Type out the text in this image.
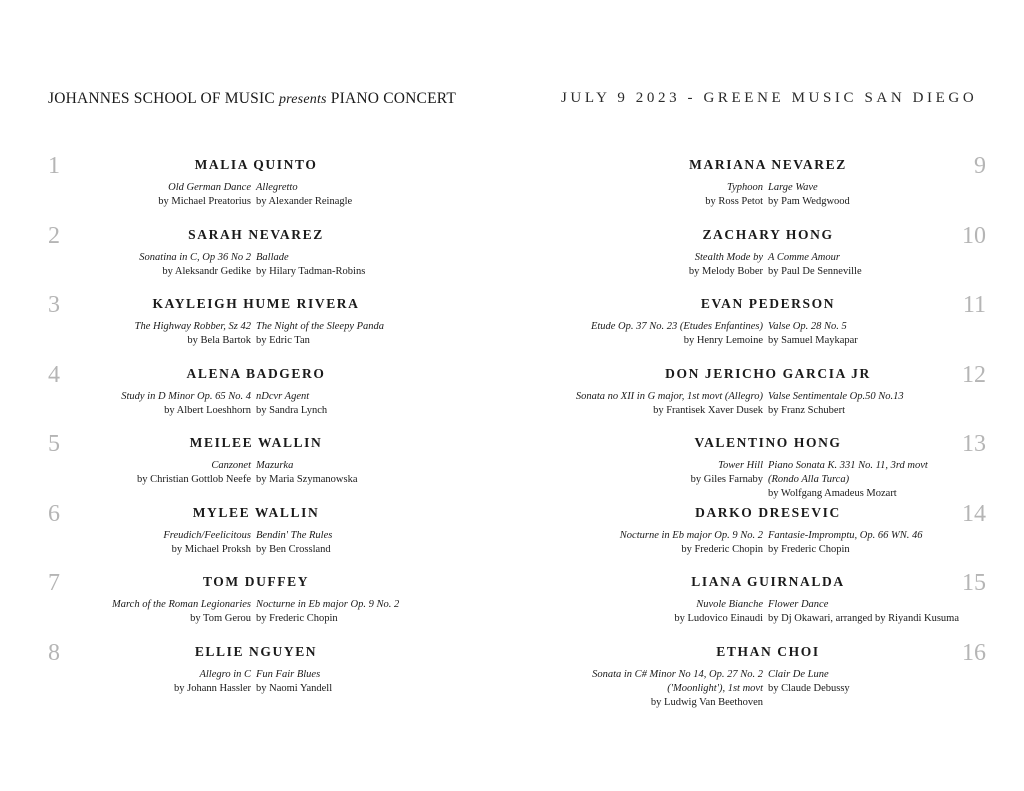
JOHANNES SCHOOL OF MUSIC presents PIANO CONCERT	JULY 9 2023 - GREENE MUSIC SAN DIEGO
1	MALIA QUINTO
Old German Dance
by Michael Preatorius
Allegretto
by Alexander Reinagle
2	SARAH NEVAREZ
Sonatina in C, Op 36 No 2
by Aleksandr Gedike
Ballade
by Hilary Tadman-Robins
3	KAYLEIGH HUME RIVERA
The Highway Robber, Sz 42
by Bela Bartok
The Night of the Sleepy Panda
by Edric Tan
4	ALENA BADGERO
Study in D Minor Op. 65 No. 4
by Albert Loeshhorn
nDcvr Agent
by Sandra Lynch
5	MEILEE WALLIN
Canzonet
by Christian Gottlob Neefe
Mazurka
by Maria Szymanowska
6	MYLEE WALLIN
Freudich/Feelicitous
by Michael Proksh
Bendin' The Rules
by Ben Crossland
7	TOM DUFFEY
March of the Roman Legionaries
by Tom Gerou
Nocturne in Eb major Op. 9 No. 2
by Frederic Chopin
8	ELLIE NGUYEN
Allegro in C
by Johann Hassler
Fun Fair Blues
by Naomi Yandell
9
MARIANA NEVAREZ
Typhoon
by Ross Petot
Large Wave
by Pam Wedgwood
10
ZACHARY HONG
Stealth Mode by
by Melody Bober
A Comme Amour
by Paul De Senneville
11
EVAN PEDERSON
Etude Op. 37 No. 23 (Etudes Enfantines)
by Henry Lemoine
Valse Op. 28 No. 5
by Samuel Maykapar
12
DON JERICHO GARCIA JR
Sonata no XII in G major, 1st movt (Allegro)
by Frantisek Xaver Dusek
Valse Sentimentale Op.50 No.13
by Franz Schubert
13
VALENTINO HONG
Tower Hill
by Giles Farnaby
Piano Sonata K. 331 No. 11, 3rd movt
(Rondo Alla Turca)
by Wolfgang Amadeus Mozart
14
DARKO DRESEVIC
Nocturne in Eb major Op. 9 No. 2
by Frederic Chopin
Fantasie-Impromptu, Op. 66 WN. 46
by Frederic Chopin
15
LIANA GUIRNALDA
Nuvole Bianche
by Ludovico Einaudi
Flower Dance
by Dj Okawari, arranged by Riyandi Kusuma
16
ETHAN CHOI
Sonata in C# Minor No 14, Op. 27 No. 2
('Moonlight'), 1st movt
by Ludwig Van Beethoven
Clair De Lune
by Claude Debussy
